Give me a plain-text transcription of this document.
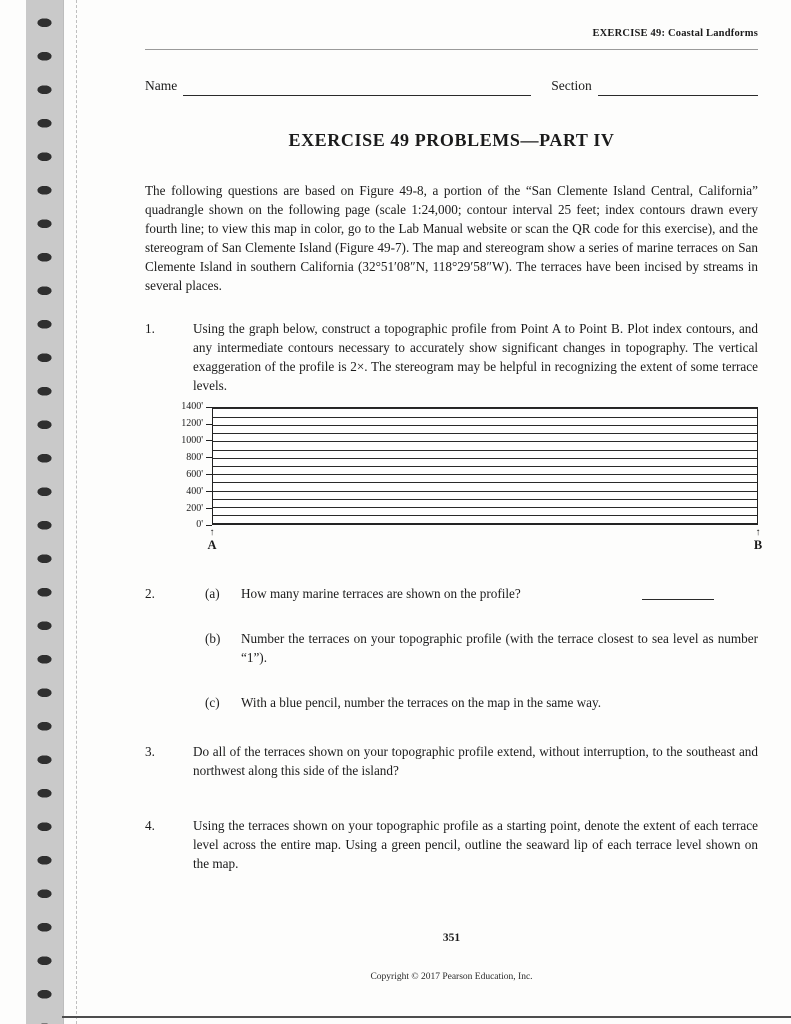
EXERCISE 49: Coastal Landforms
Name	Section
EXERCISE 49 PROBLEMS—PART IV

The following questions are based on Figure 49-8, a portion of the “San Clemente Island Central, California” quadrangle shown on the following page (scale 1:24,000; contour interval 25 feet; index contours drawn every fourth line; to view this map in color, go to the Lab Manual website or scan the QR code for this exercise), and the stereogram of San Clemente Island (Figure 49-7). The map and stereogram show a series of marine terraces on San Clemente Island in southern California (32°51′08″N, 118°29′58″W). The terraces have been incised by streams in several places.

1.	Using the graph below, construct a topographic profile from Point A to Point B. Plot index contours, and any intermediate contours necessary to accurately show significant changes in topography. The vertical exaggeration of the profile is 2×. The stereogram may be helpful in recognizing the extent of some terrace levels.
1400'
1200'
1000'
800'
600'
400'
200'
0'
↑
A
↑
B
2.	(a)	How many marine terraces are shown on the profile?
(b)	Number the terraces on your topographic profile (with the terrace closest to sea level as number “1”).
(c)	With a blue pencil, number the terraces on the map in the same way.
3.	Do all of the terraces shown on your topographic profile extend, without interruption, to the southeast and northwest along this side of the island?
4.	Using the terraces shown on your topographic profile as a starting point, denote the extent of each terrace level across the entire map. Using a green pencil, outline the seaward lip of each terrace level shown on the map.
351
Copyright © 2017 Pearson Education, Inc.
